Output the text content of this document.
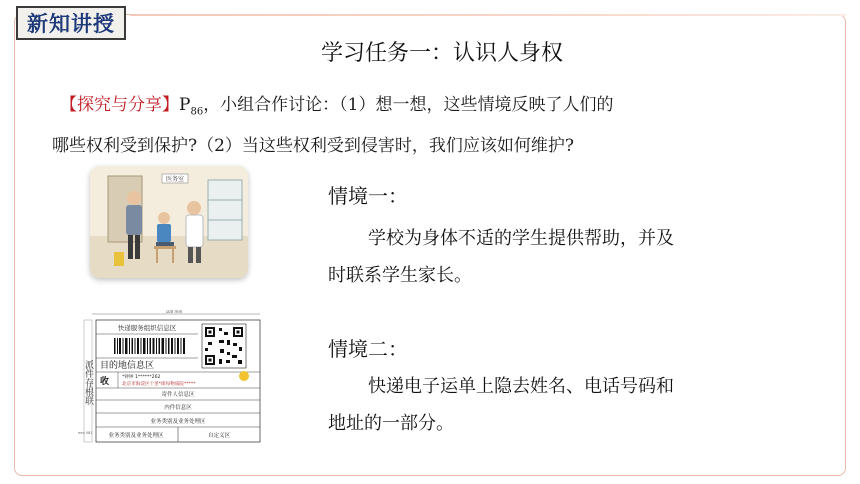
新知讲授
学习任务一：认识人身权
【探究与分享】$P_{86}$，小组合作讨论：（1）想一想，这些情境反映了人们的
哪些权利受到保护?（2）当这些权利受到侵害时，我们应该如何维护?
医务室
100 mm
派件存根联
快递服务组织信息区
目的地信息区
收	*钟钟 1******262
北京市海淀区十里*街每物质院*****
寄件人信息区
内件信息区
业务类别及业务处理区
业务类别及业务处理区	自定义区
mm 081
情境一：
学校为身体不适的学生提供帮助，并及
时联系学生家长。
情境二：
快递电子运单上隐去姓名、电话号码和
地址的一部分。
